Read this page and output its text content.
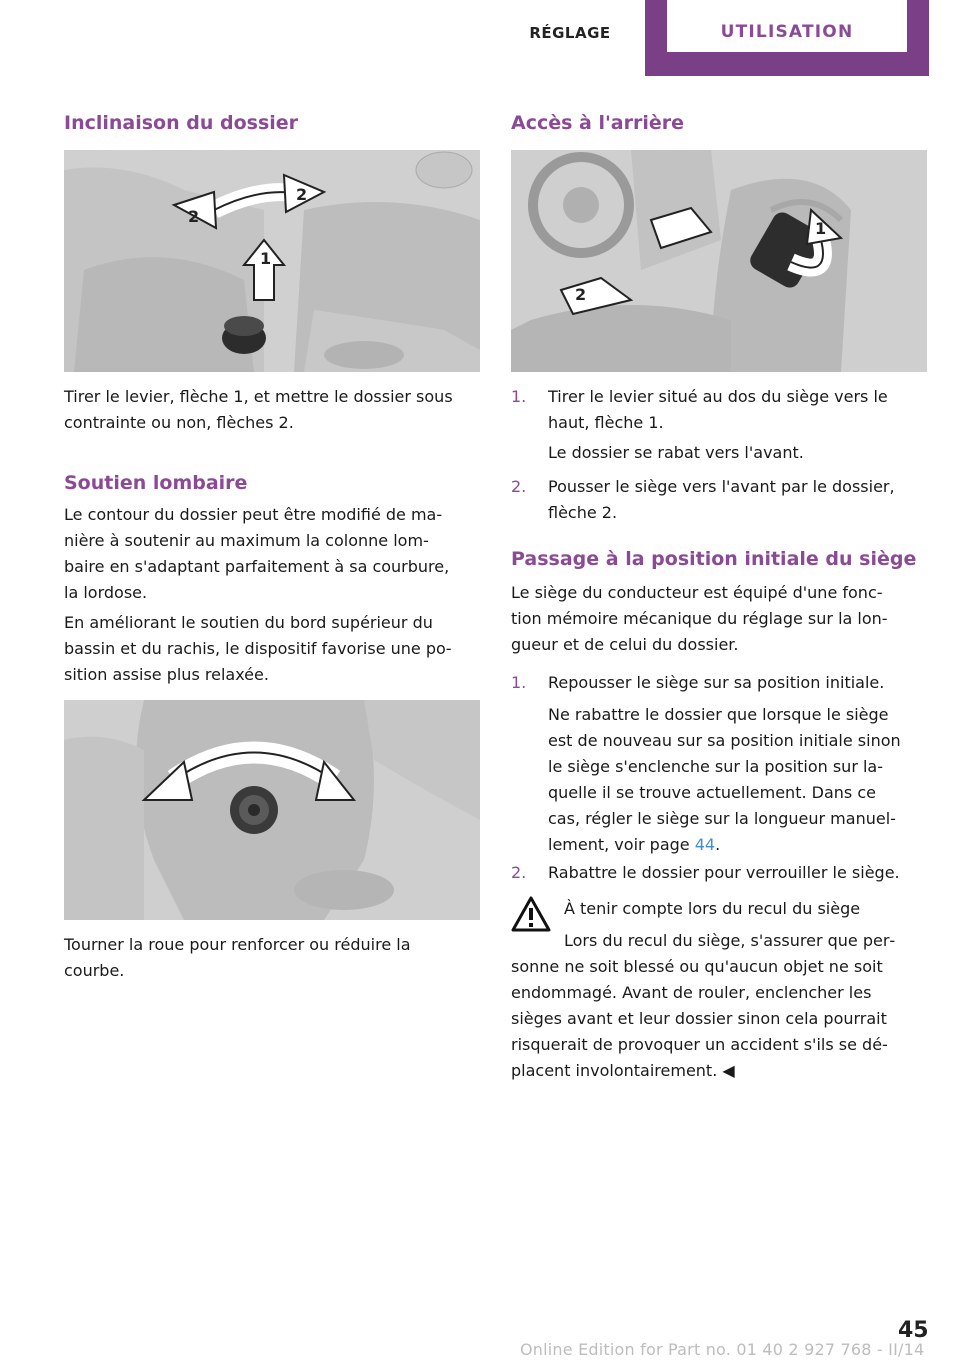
RÉGLAGE	UTILISATION
Inclinaison du dossier
2
2
1
Tirer le levier, flèche 1, et mettre le dossier sous
contrainte ou non, flèches 2.
Soutien lombaire
Le contour du dossier peut être modifié de ma‐
nière à soutenir au maximum la colonne lom‐
baire en s'adaptant parfaitement à sa courbure,
la lordose.
En améliorant le soutien du bord supérieur du
bassin et du rachis, le dispositif favorise une po‐
sition assise plus relaxée.
Tourner la roue pour renforcer ou réduire la
courbe.
Accès à l'arrière
1
2
1. Tirer le levier situé au dos du siège vers le
haut, flèche 1.
Le dossier se rabat vers l'avant.
2. Pousser le siège vers l'avant par le dossier,
flèche 2.
Passage à la position initiale du siège
Le siège du conducteur est équipé d'une fonc‐
tion mémoire mécanique du réglage sur la lon‐
gueur et de celui du dossier.
1. Repousser le siège sur sa position initiale.
Ne rabattre le dossier que lorsque le siège
est de nouveau sur sa position initiale sinon
le siège s'enclenche sur la position sur la‐
quelle il se trouve actuellement. Dans ce
cas, régler le siège sur la longueur manuel‐
lement, voir page 44.
2. Rabattre le dossier pour verrouiller le siège.
À tenir compte lors du recul du siège
Lors du recul du siège, s'assurer que per‐
sonne ne soit blessé ou qu'aucun objet ne soit
endommagé. Avant de rouler, enclencher les
sièges avant et leur dossier sinon cela pourrait
risquerait de provoquer un accident s'ils se dé‐
placent involontairement. ◀
Online Edition for Part no. 01 40 2 927 768 - II/14
45
